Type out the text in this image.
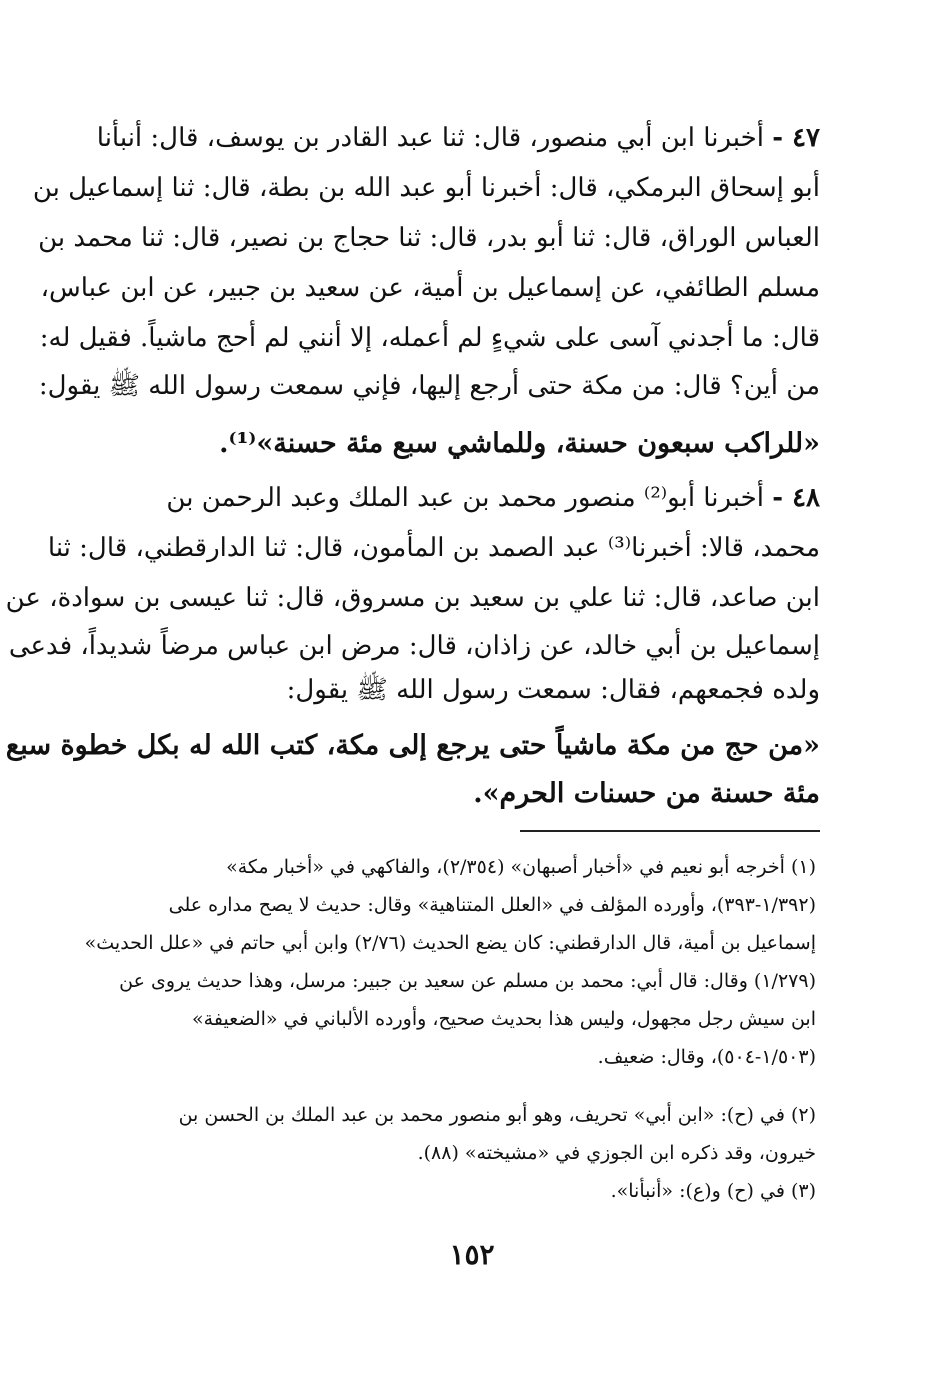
٤٧ - أخبرنا ابن أبي منصور، قال: ثنا عبد القادر بن يوسف، قال: أنبأنا
أبو إسحاق البرمكي، قال: أخبرنا أبو عبد الله بن بطة، قال: ثنا إسماعيل بن
العباس الوراق، قال: ثنا أبو بدر، قال: ثنا حجاج بن نصير، قال: ثنا محمد بن
مسلم الطائفي، عن إسماعيل بن أمية، عن سعيد بن جبير، عن ابن عباس،
قال: ما أجدني آسى على شيءٍ لم أعمله، إلا أنني لم أحج ماشياً. فقيل له:
من أين؟ قال: من مكة حتى أرجع إليها، فإني سمعت رسول الله ﷺ يقول:
«للراكب سبعون حسنة، وللماشي سبع مئة حسنة»⁽¹⁾.
٤٨ - أخبرنا أبو⁽²⁾ منصور محمد بن عبد الملك وعبد الرحمن بن
محمد، قالا: أخبرنا⁽³⁾ عبد الصمد بن المأمون، قال: ثنا الدارقطني، قال: ثنا
ابن صاعد، قال: ثنا علي بن سعيد بن مسروق، قال: ثنا عيسى بن سوادة، عن
إسماعيل بن أبي خالد، عن زاذان، قال: مرض ابن عباس مرضاً شديداً، فدعى
ولده فجمعهم، فقال: سمعت رسول الله ﷺ يقول:
«من حج من مكة ماشياً حتى يرجع إلى مكة، كتب الله له بكل خطوة سبع
مئة حسنة من حسنات الحرم».
(١) أخرجه أبو نعيم في «أخبار أصبهان» (٢/٣٥٤)، والفاكهي في «أخبار مكة»
(١/٣٩٢-٣٩٣)، وأورده المؤلف في «العلل المتناهية» وقال: حديث لا يصح مداره على
إسماعيل بن أمية، قال الدارقطني: كان يضع الحديث (٢/٧٦) وابن أبي حاتم في «علل الحديث»
(١/٢٧٩) وقال: قال أبي: محمد بن مسلم عن سعيد بن جبير: مرسل، وهذا حديث يروى عن
ابن سيش رجل مجهول، وليس هذا بحديث صحيح، وأورده الألباني في «الضعيفة»
(١/٥٠٣-٥٠٤)، وقال: ضعيف.
(٢) في (ح): «ابن أبي» تحريف، وهو أبو منصور محمد بن عبد الملك بن الحسن بن
خيرون، وقد ذكره ابن الجوزي في «مشيخته» (٨٨).
(٣) في (ح) و(ع): «أنبأنا».
١٥٢
